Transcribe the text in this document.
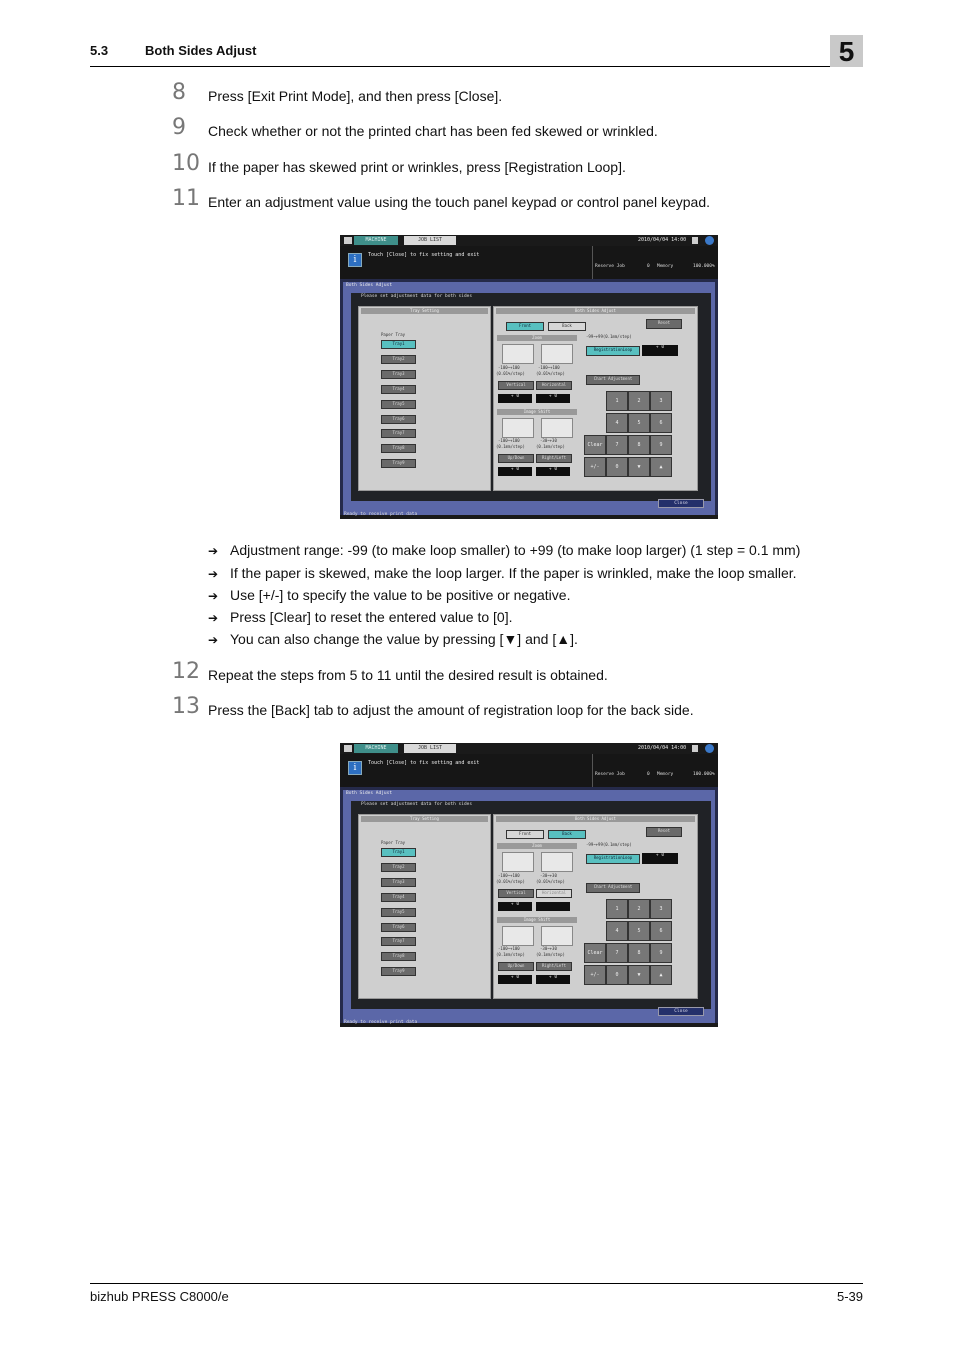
5.3	Both Sides Adjust	5
8 Press [Exit Print Mode], and then press [Close].
9 Check whether or not the printed chart has been fed skewed or wrinkled.
10 If the paper has skewed print or wrinkles, press [Registration Loop].
11 Enter an adjustment value using the touch panel keypad or control panel keypad.
MACHINE	JOB LIST	2010/04/04 14:00
i	Touch [Close] to fix setting and exit
Reserve Job	0 Memory	100.000%
Both Sides Adjust
Please set adjustment data for both sides
Tray Setting
Paper Tray
Tray1
Tray2
Tray3
Tray4
Tray5
Tray6
Tray7
Tray8
Tray9
Both Sides Adjust
Front	Back
Reset
Zoom
-100~+100
(0.01%/step)
-100~+100
(0.01%/step)
Vertical	Horizontal
+ 0	+ 0
Image Shift
-100~+100
(0.1mm/step)
-30~+30
(0.1mm/step)
Up/Down	Right/Left
+ 0	+ 0
-99~+99(0.1mm/step)
RegistrationLoop	+ 0
Chart Adjustment
1	2	3
4	5	6
Clear	7	8	9
+/-	0	▼	▲
Close
Ready to receive print data
➔ Adjustment range: -99 (to make loop smaller) to +99 (to make loop larger) (1 step = 0.1 mm)
➔ If the paper is skewed, make the loop larger. If the paper is wrinkled, make the loop smaller.
➔ Use [+/-] to specify the value to be positive or negative.
➔ Press [Clear] to reset the entered value to [0].
➔ You can also change the value by pressing [▼] and [▲].
12 Repeat the steps from 5 to 11 until the desired result is obtained.
13 Press the [Back] tab to adjust the amount of registration loop for the back side.
MACHINE	JOB LIST	2010/04/04 14:00
i	Touch [Close] to fix setting and exit
Reserve Job	0 Memory	100.000%
Both Sides Adjust
Please set adjustment data for both sides
Tray Setting
Paper Tray
Tray1
Tray2
Tray3
Tray4
Tray5
Tray6
Tray7
Tray8
Tray9
Both Sides Adjust
Front	Back
Reset
Zoom
-100~+100
(0.01%/step)
-30~+30
(0.01%/step)
Vertical	Horizontal
+ 0
Image Shift
-100~+100
(0.1mm/step)
-30~+30
(0.1mm/step)
Up/Down	Right/Left
+ 0	+ 0
-99~+99(0.1mm/step)
RegistrationLoop	+ 0
Chart Adjustment
1	2	3
4	5	6
Clear	7	8	9
+/-	0	▼	▲
Close
Ready to receive print data
bizhub PRESS C8000/e	5-39
